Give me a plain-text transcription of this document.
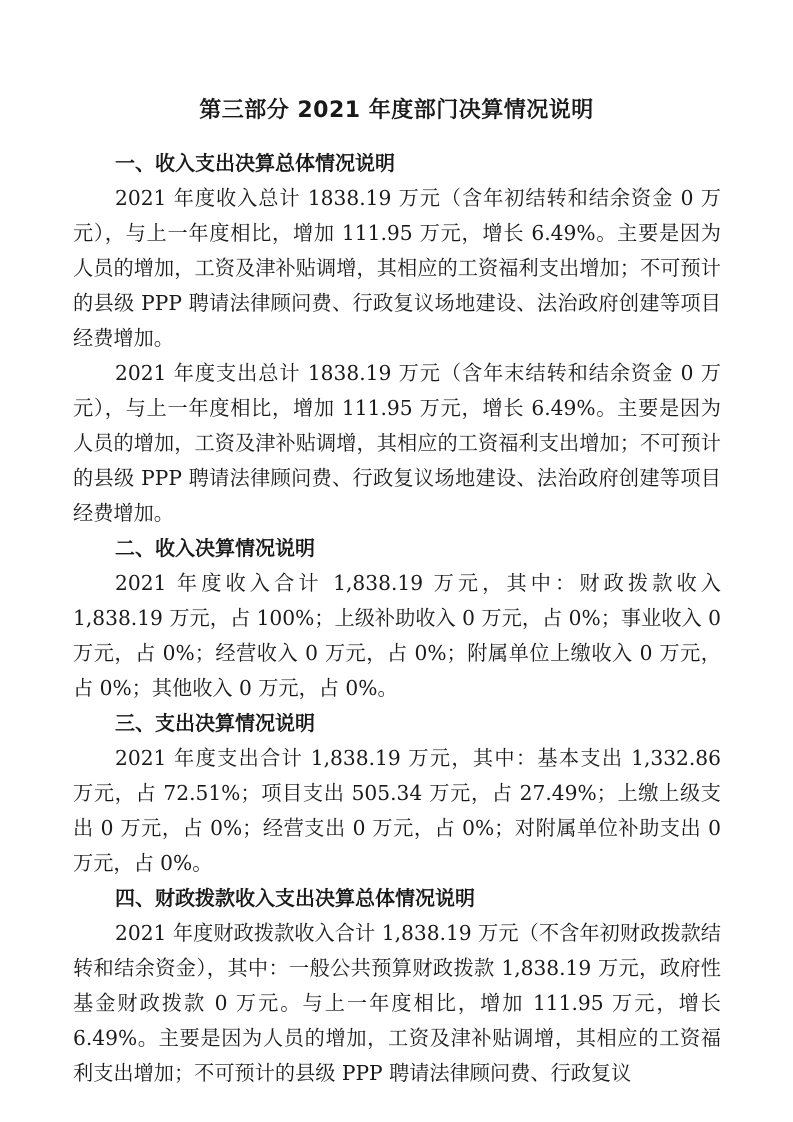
第三部分 2021 年度部门决算情况说明
一、收入支出决算总体情况说明

2021 年度收入总计 1838.19 万元（含年初结转和结余资金 0 万元），与上一年度相比，增加 111.95 万元，增长 6.49%。主要是因为人员的增加，工资及津补贴调增，其相应的工资福利支出增加；不可预计的县级 PPP 聘请法律顾问费、行政复议场地建设、法治政府创建等项目经费增加。

2021 年度支出总计 1838.19 万元（含年末结转和结余资金 0 万元），与上一年度相比，增加 111.95 万元，增长 6.49%。主要是因为人员的增加，工资及津补贴调增，其相应的工资福利支出增加；不可预计的县级 PPP 聘请法律顾问费、行政复议场地建设、法治政府创建等项目经费增加。

二、收入决算情况说明

2021 年度收入合计 1,838.19 万元，其中：财政拨款收入 1,838.19 万元，占 100%；上级补助收入 0 万元，占 0%；事业收入 0 万元，占 0%；经营收入 0 万元，占 0%；附属单位上缴收入 0 万元，占 0%；其他收入 0 万元，占 0%。

三、支出决算情况说明

2021 年度支出合计 1,838.19 万元，其中：基本支出 1,332.86 万元，占 72.51%；项目支出 505.34 万元，占 27.49%；上缴上级支出 0 万元，占 0%；经营支出 0 万元，占 0%；对附属单位补助支出 0 万元，占 0%。

四、财政拨款收入支出决算总体情况说明

2021 年度财政拨款收入合计 1,838.19 万元（不含年初财政拨款结转和结余资金），其中：一般公共预算财政拨款 1,838.19 万元，政府性基金财政拨款 0 万元。与上一年度相比，增加 111.95 万元，增长 6.49%。主要是因为人员的增加，工资及津补贴调增，其相应的工资福利支出增加；不可预计的县级 PPP 聘请法律顾问费、行政复议
